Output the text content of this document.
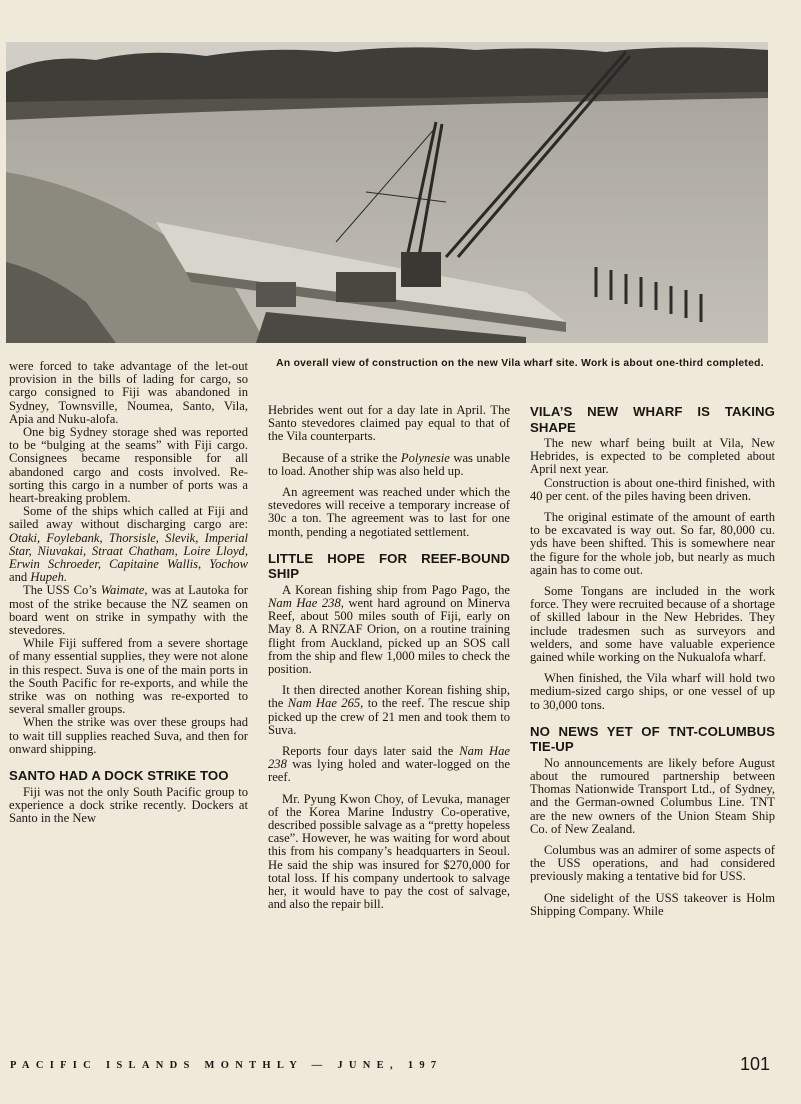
An overall view of construction on the new Vila wharf site. Work is about one-third completed.

were forced to take advantage of the let-out provision in the bills of lading for cargo, so cargo consigned to Fiji was abandoned in Sydney, Townsville, Noumea, Santo, Vila, Apia and Nuku-alofa.

One big Sydney storage shed was reported to be “bulging at the seams” with Fiji cargo. Consignees became responsible for all abandoned cargo and costs involved. Re-sorting this cargo in a number of ports was a heart-breaking problem.

Some of the ships which called at Fiji and sailed away without discharging cargo are: Otaki, Foylebank, Thorsisle, Slevik, Imperial Star, Niuvakai, Straat Chatham, Loire Lloyd, Erwin Schroeder, Capitaine Wallis, Yochow and Hupeh.

The USS Co’s Waimate, was at Lautoka for most of the strike because the NZ seamen on board went on strike in sympathy with the stevedores.

While Fiji suffered from a severe shortage of many essential supplies, they were not alone in this respect. Suva is one of the main ports in the South Pacific for re-exports, and while the strike was on nothing was re-exported to several smaller groups.

When the strike was over these groups had to wait till supplies reached Suva, and then for onward shipping.

SANTO HAD A DOCK STRIKE TOO

Fiji was not the only South Pacific group to experience a dock strike recently. Dockers at Santo in the New

Hebrides went out for a day late in April. The Santo stevedores claimed pay equal to that of the Vila counterparts.

Because of a strike the Polynesie was unable to load. Another ship was also held up.

An agreement was reached under which the stevedores will receive a temporary increase of 30c a ton. The agreement was to last for one month, pending a negotiated settlement.

LITTLE HOPE FOR REEF-BOUND SHIP

A Korean fishing ship from Pago Pago, the Nam Hae 238, went hard aground on Minerva Reef, about 500 miles south of Fiji, early on May 8. A RNZAF Orion, on a routine training flight from Auckland, picked up an SOS call from the ship and flew 1,000 miles to check the position.

It then directed another Korean fishing ship, the Nam Hae 265, to the reef. The rescue ship picked up the crew of 21 men and took them to Suva.

Reports four days later said the Nam Hae 238 was lying holed and water-logged on the reef.

Mr. Pyung Kwon Choy, of Levuka, manager of the Korea Marine Industry Co-operative, described possible salvage as a “pretty hopeless case”. However, he was waiting for word about this from his company’s headquarters in Seoul. He said the ship was insured for $270,000 for total loss. If his company undertook to salvage her, it would have to pay the cost of salvage, and also the repair bill.

VILA’S NEW WHARF IS TAKING SHAPE

The new wharf being built at Vila, New Hebrides, is expected to be completed about April next year.

Construction is about one-third finished, with 40 per cent. of the piles having been driven.

The original estimate of the amount of earth to be excavated is way out. So far, 80,000 cu. yds have been shifted. This is somewhere near the figure for the whole job, but nearly as much again has to come out.

Some Tongans are included in the work force. They were recruited because of a shortage of skilled labour in the New Hebrides. They include tradesmen such as surveyors and welders, and some have valuable experience gained while working on the Nukualofa wharf.

When finished, the Vila wharf will hold two medium-sized cargo ships, or one vessel of up to 30,000 tons.

NO NEWS YET OF TNT-COLUMBUS TIE-UP

No announcements are likely before August about the rumoured partnership between Thomas Nationwide Transport Ltd., of Sydney, and the German-owned Columbus Line. TNT are the new owners of the Union Steam Ship Co. of New Zealand.

Columbus was an admirer of some aspects of the USS operations, and had considered previously making a tentative bid for USS.

One sidelight of the USS takeover is Holm Shipping Company. While

PACIFIC ISLANDS MONTHLY — JUNE, 197	101
